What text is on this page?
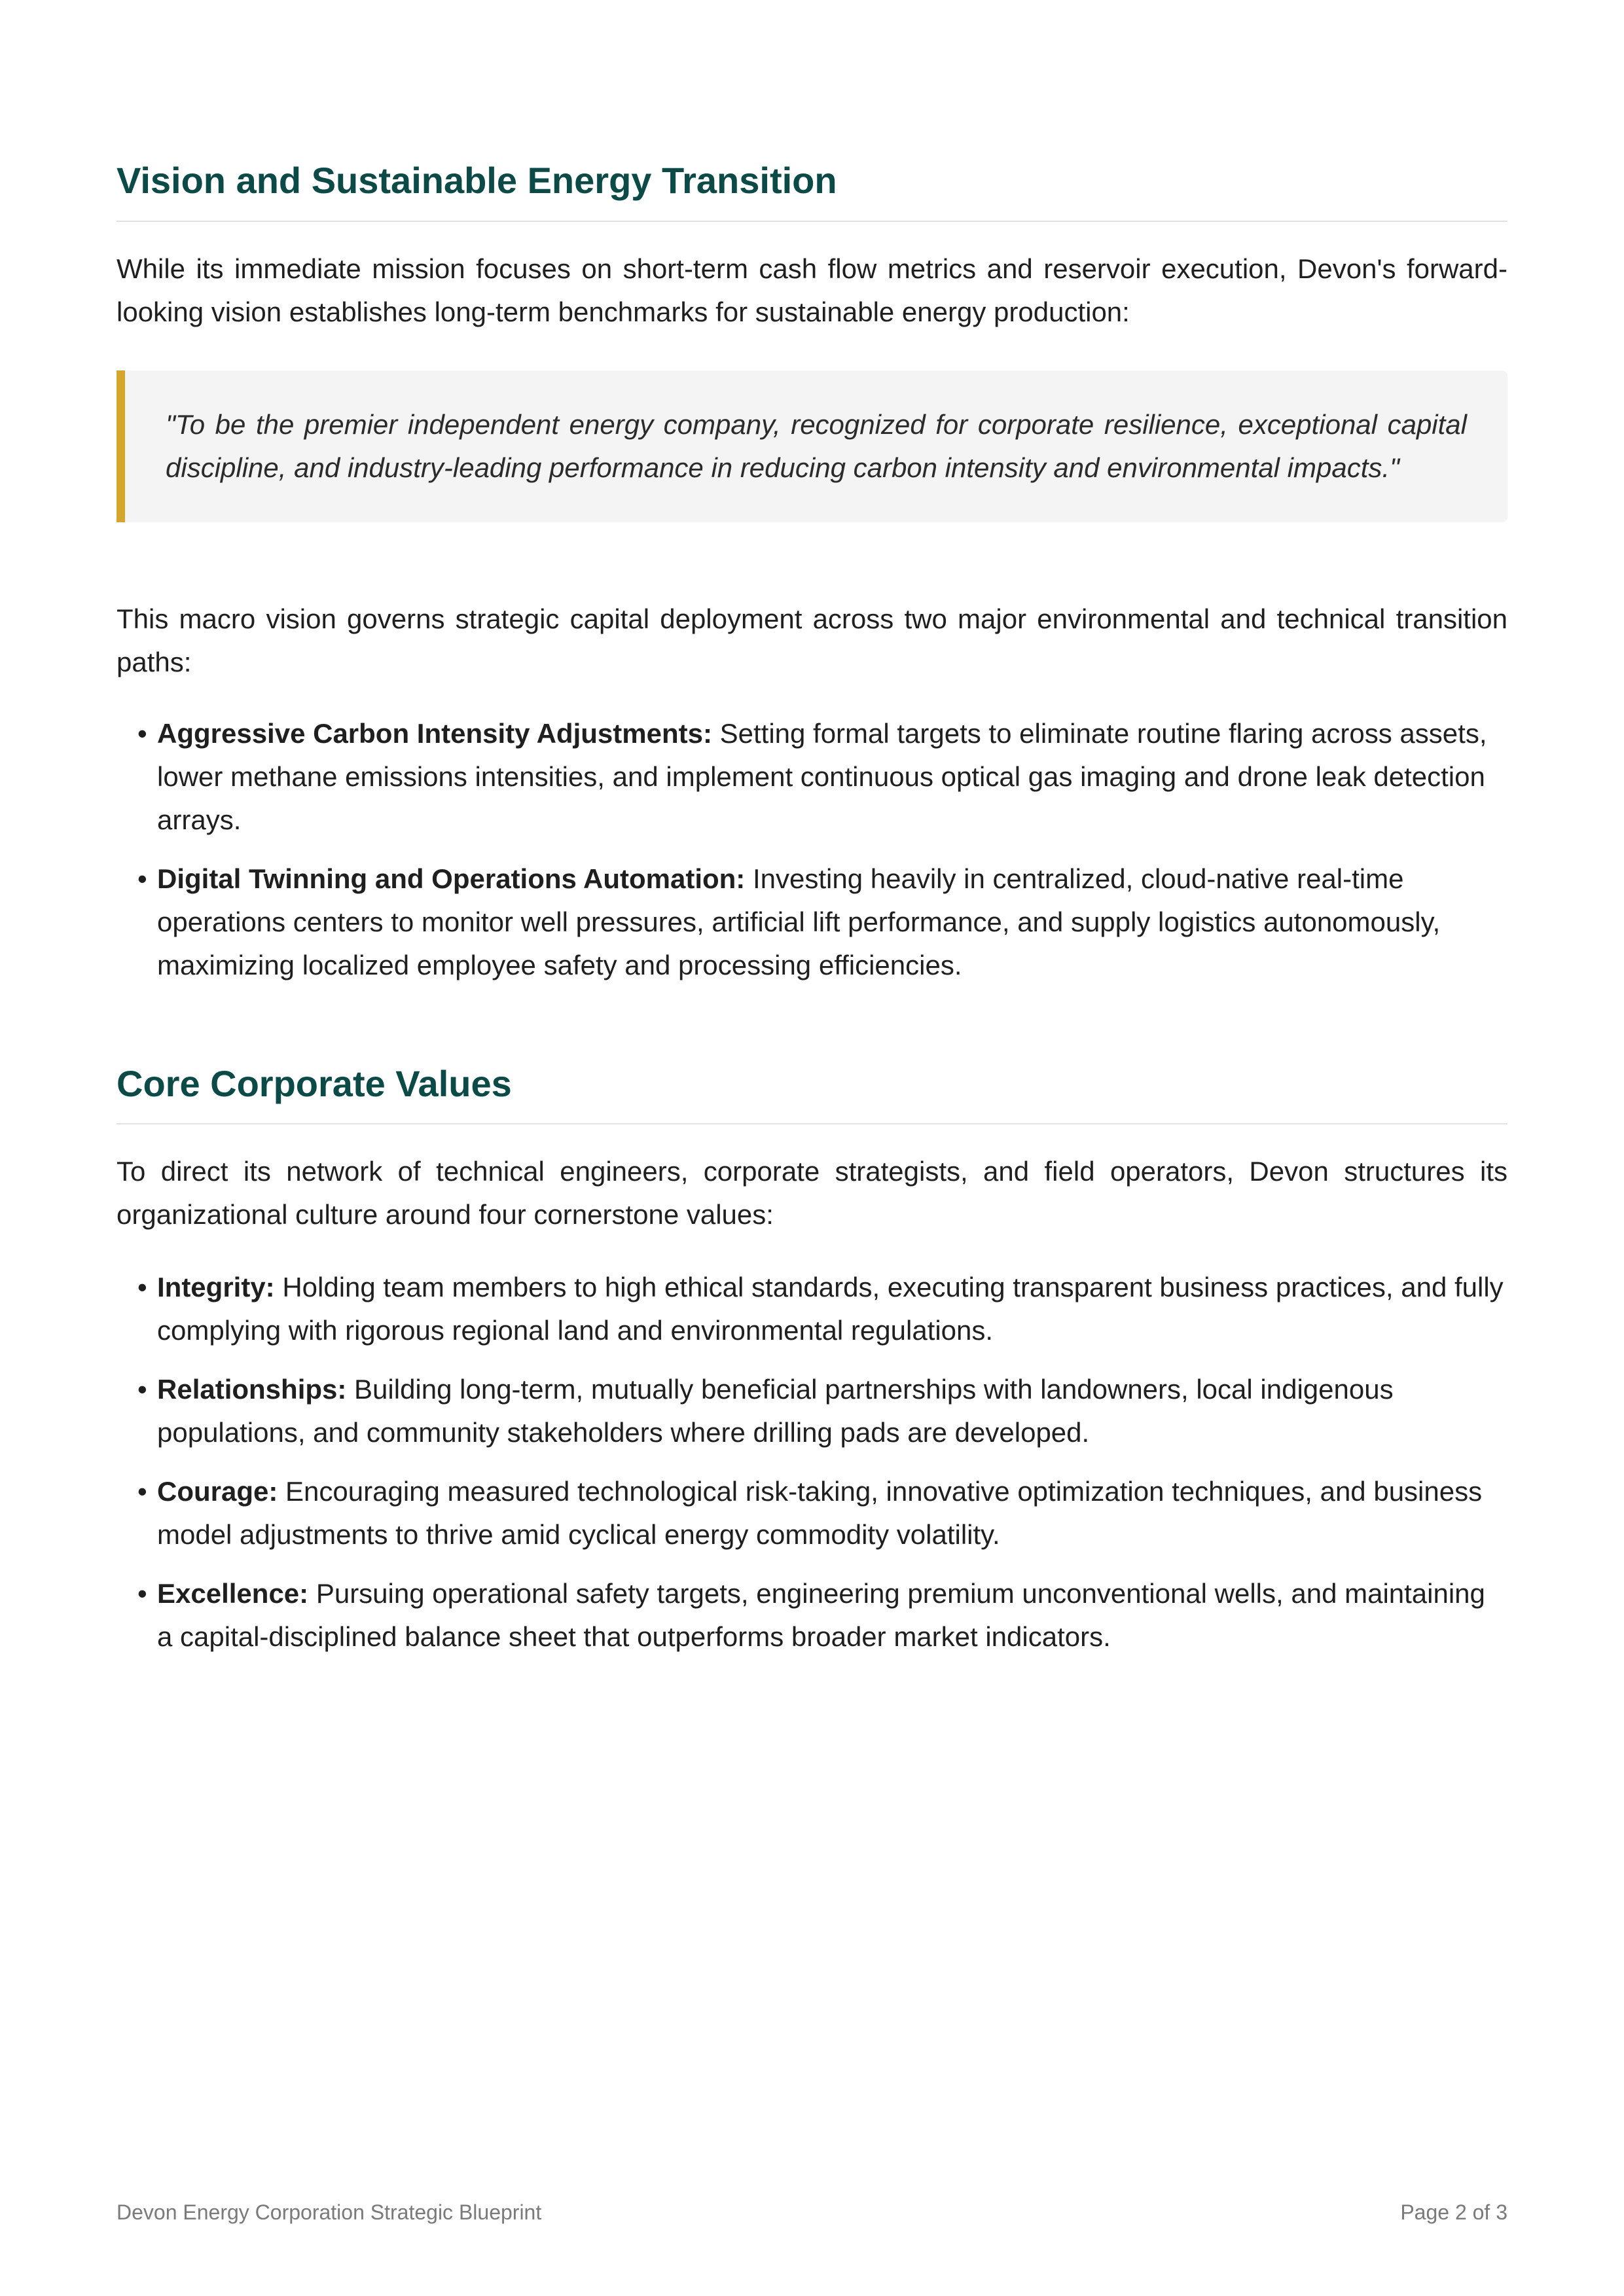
Vision and Sustainable Energy Transition

While its immediate mission focuses on short-term cash flow metrics and reservoir execution, Devon's forward-looking vision establishes long-term benchmarks for sustainable energy production:

"To be the premier independent energy company, recognized for corporate resilience, exceptional capital discipline, and industry-leading performance in reducing carbon intensity and environmental impacts."

This macro vision governs strategic capital deployment across two major environmental and technical transition paths:

• Aggressive Carbon Intensity Adjustments: Setting formal targets to eliminate routine flaring across assets, lower methane emissions intensities, and implement continuous optical gas imaging and drone leak detection arrays.
• Digital Twinning and Operations Automation: Investing heavily in centralized, cloud-native real-time operations centers to monitor well pressures, artificial lift performance, and supply logistics autonomously, maximizing localized employee safety and processing efficiencies.
Core Corporate Values

To direct its network of technical engineers, corporate strategists, and field operators, Devon structures its organizational culture around four cornerstone values:

• Integrity: Holding team members to high ethical standards, executing transparent business practices, and fully complying with rigorous regional land and environmental regulations.
• Relationships: Building long-term, mutually beneficial partnerships with landowners, local indigenous populations, and community stakeholders where drilling pads are developed.
• Courage: Encouraging measured technological risk-taking, innovative optimization techniques, and business model adjustments to thrive amid cyclical energy commodity volatility.
• Excellence: Pursuing operational safety targets, engineering premium unconventional wells, and maintaining a capital-disciplined balance sheet that outperforms broader market indicators.
Devon Energy Corporation Strategic Blueprint	Page 2 of 3
